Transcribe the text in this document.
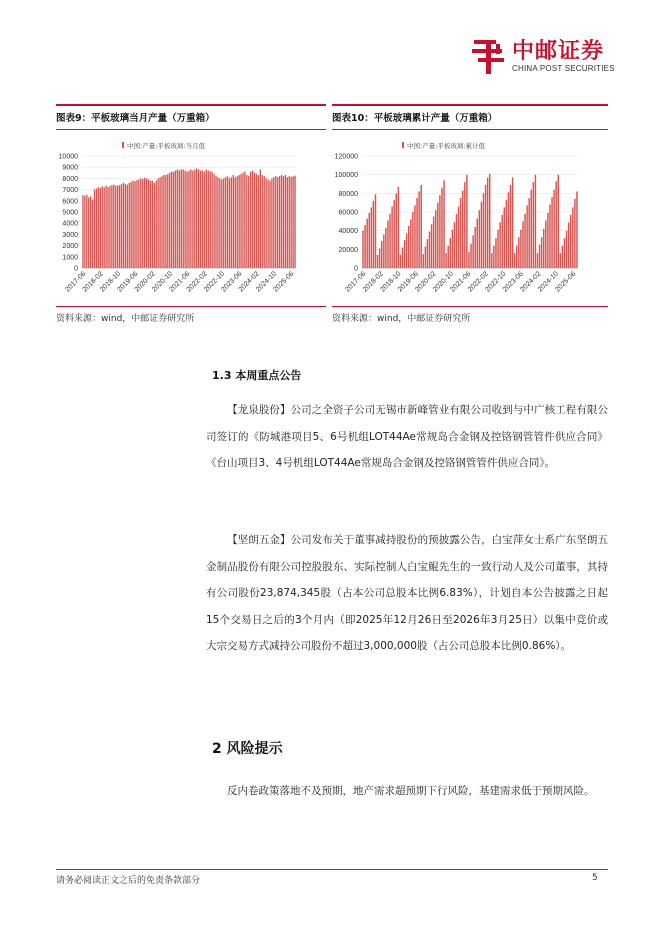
中邮证券
CHINA POST SECURITIES
图表9：平板玻璃当月产量（万重箱）	图表10：平板玻璃累计产量（万重箱）
中国:产量:平板玻璃:当月值
0
1000
2000
3000
4000
5000
6000
7000
8000
9000
10000
2017-06
2018-02
2018-10
2019-06
2020-02
2020-10
2021-06
2022-02
2022-10
2023-06
2024-02
2024-10
2025-06
中国:产量:平板玻璃:累计值
0
20000
40000
60000
80000
100000
120000
2017-06
2018-02
2018-10
2019-06
2020-02
2020-10
2021-06
2022-02
2022-10
2023-06
2024-02
2024-10
2025-06
资料来源：wind，中邮证券研究所	资料来源：wind，中邮证券研究所
1.3 本周重点公告

【龙泉股份】公司之全资子公司无锡市新峰管业有限公司收到与中广核工程有限公司签订的《防城港项目5、6号机组LOT44Ae常规岛合金钢及控铬钢管管件供应合同》《台山项目3、4号机组LOT44Ae常规岛合金钢及控铬钢管管件供应合同》。

【坚朗五金】公司发布关于董事减持股份的预披露公告，白宝萍女士系广东坚朗五金制品股份有限公司控股股东、实际控制人白宝鲲先生的一致行动人及公司董事，其持有公司股份23,874,345股（占本公司总股本比例6.83%），计划自本公告披露之日起15个交易日之后的3个月内（即2025年12月26日至2026年3月25日）以集中竞价或大宗交易方式减持公司股份不超过3,000,000股（占公司总股本比例0.86%）。

2 风险提示

反内卷政策落地不及预期，地产需求超预期下行风险，基建需求低于预期风险。

请务必阅读正文之后的免责条款部分	5
